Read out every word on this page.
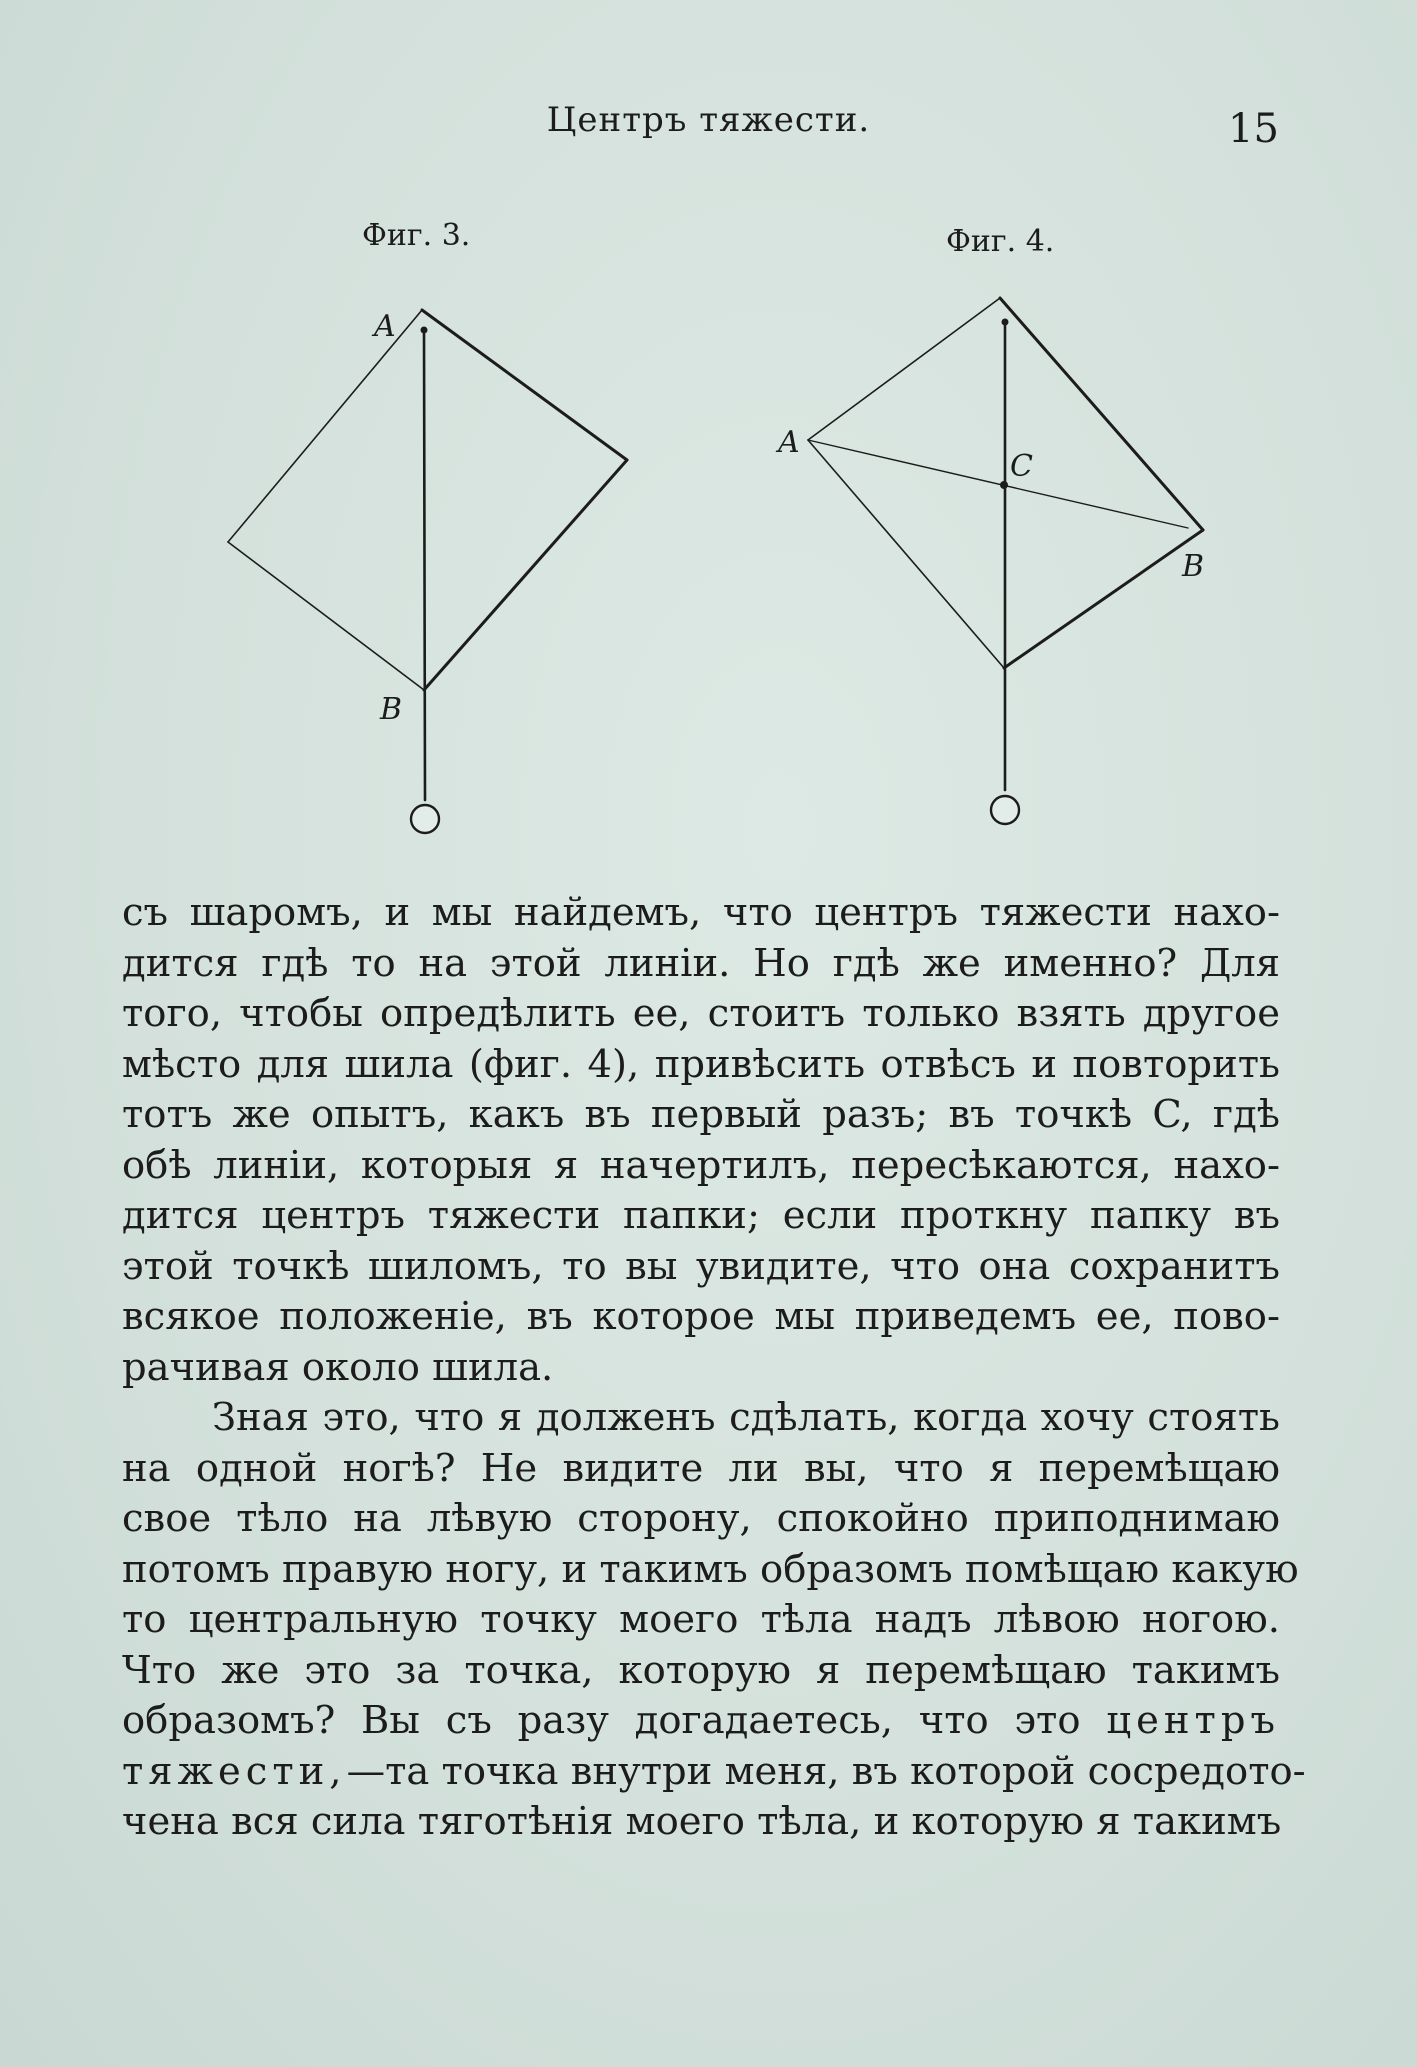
Центръ тяжести.	15
Фиг. 3.	Фиг. 4.
A
B
A
C
B
съ шаромъ, и мы найдемъ, что центръ тяжести нахо-
дится гдѣ то на этой линіи. Но гдѣ же именно? Для
того, чтобы опредѣлить ее, стоитъ только взять другое
мѣсто для шила (фиг. 4), привѣсить отвѣсъ и повторить
тотъ же опытъ, какъ въ первый разъ; въ точкѣ C, гдѣ
обѣ линіи, которыя я начертилъ, пересѣкаются, нахо-
дится центръ тяжести папки; если проткну папку въ
этой точкѣ шиломъ, то вы увидите, что она сохранитъ
всякое положеніе, въ которое мы приведемъ ее, пово-
рачивая около шила.
Зная это, что я долженъ сдѣлать, когда хочу стоять
на одной ногѣ? Не видите ли вы, что я перемѣщаю
свое тѣло на лѣвую сторону, спокойно приподнимаю
потомъ правую ногу, и такимъ образомъ помѣщаю какую
то центральную точку моего тѣла надъ лѣвою ногою.
Что же это за точка, которую я перемѣщаю такимъ
образомъ? Вы съ разу догадаетесь, что это центръ
тяжести,—та точка внутри меня, въ которой сосредото-
чена вся сила тяготѣнія моего тѣла, и которую я такимъ
